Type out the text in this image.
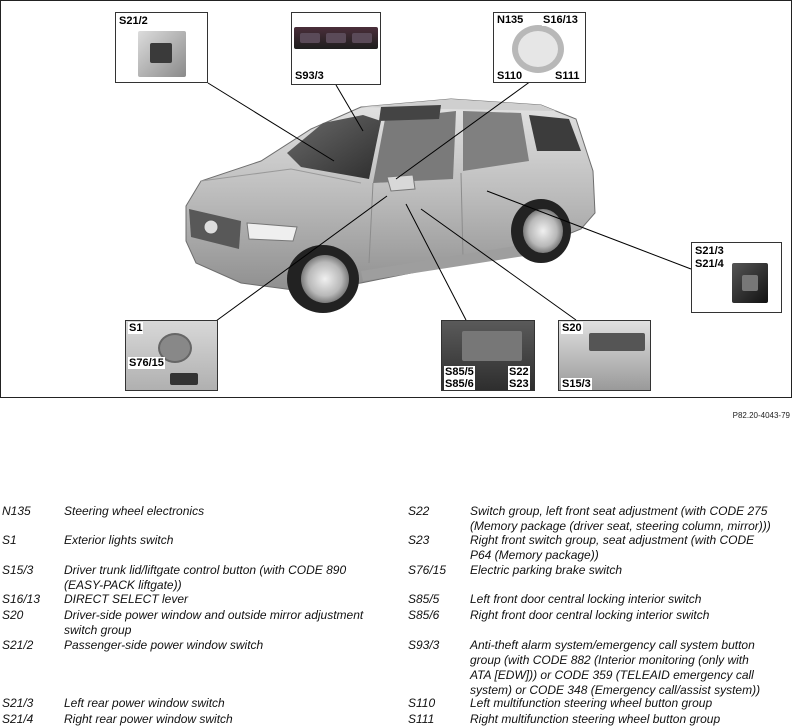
S21/2
S93/3
N135 S16/13
S110	S111
S21/3
S21/4
S1
S76/15
S85/5
S85/6
S22
S23
S20
S15/3
P82.20-4043-79
N135	Steering wheel electronics
S1	Exterior lights switch
S15/3	Driver trunk lid/liftgate control button (with CODE 890 (EASY-PACK liftgate))
S16/13 DIRECT SELECT lever
S20	Driver-side power window and outside mirror adjustment switch group
S21/2	Passenger-side power window switch
S21/3	Left rear power window switch
S21/4	Right rear power window switch
S22	Switch group, left front seat adjustment (with CODE 275 (Memory package (driver seat, steering column, mirror)))
S23	Right front switch group, seat adjustment (with CODE P64 (Memory package))
S76/15 Electric parking brake switch
S85/5	Left front door central locking interior switch
S85/6	Right front door central locking interior switch
S93/3	Anti-theft alarm system/emergency call system button group (with CODE 882 (Interior monitoring (only with ATA [EDW])) or CODE 359 (TELEAID emergency call system) or CODE 348 (Emergency call/assist system))
S110	Left multifunction steering wheel button group
S111	Right multifunction steering wheel button group
